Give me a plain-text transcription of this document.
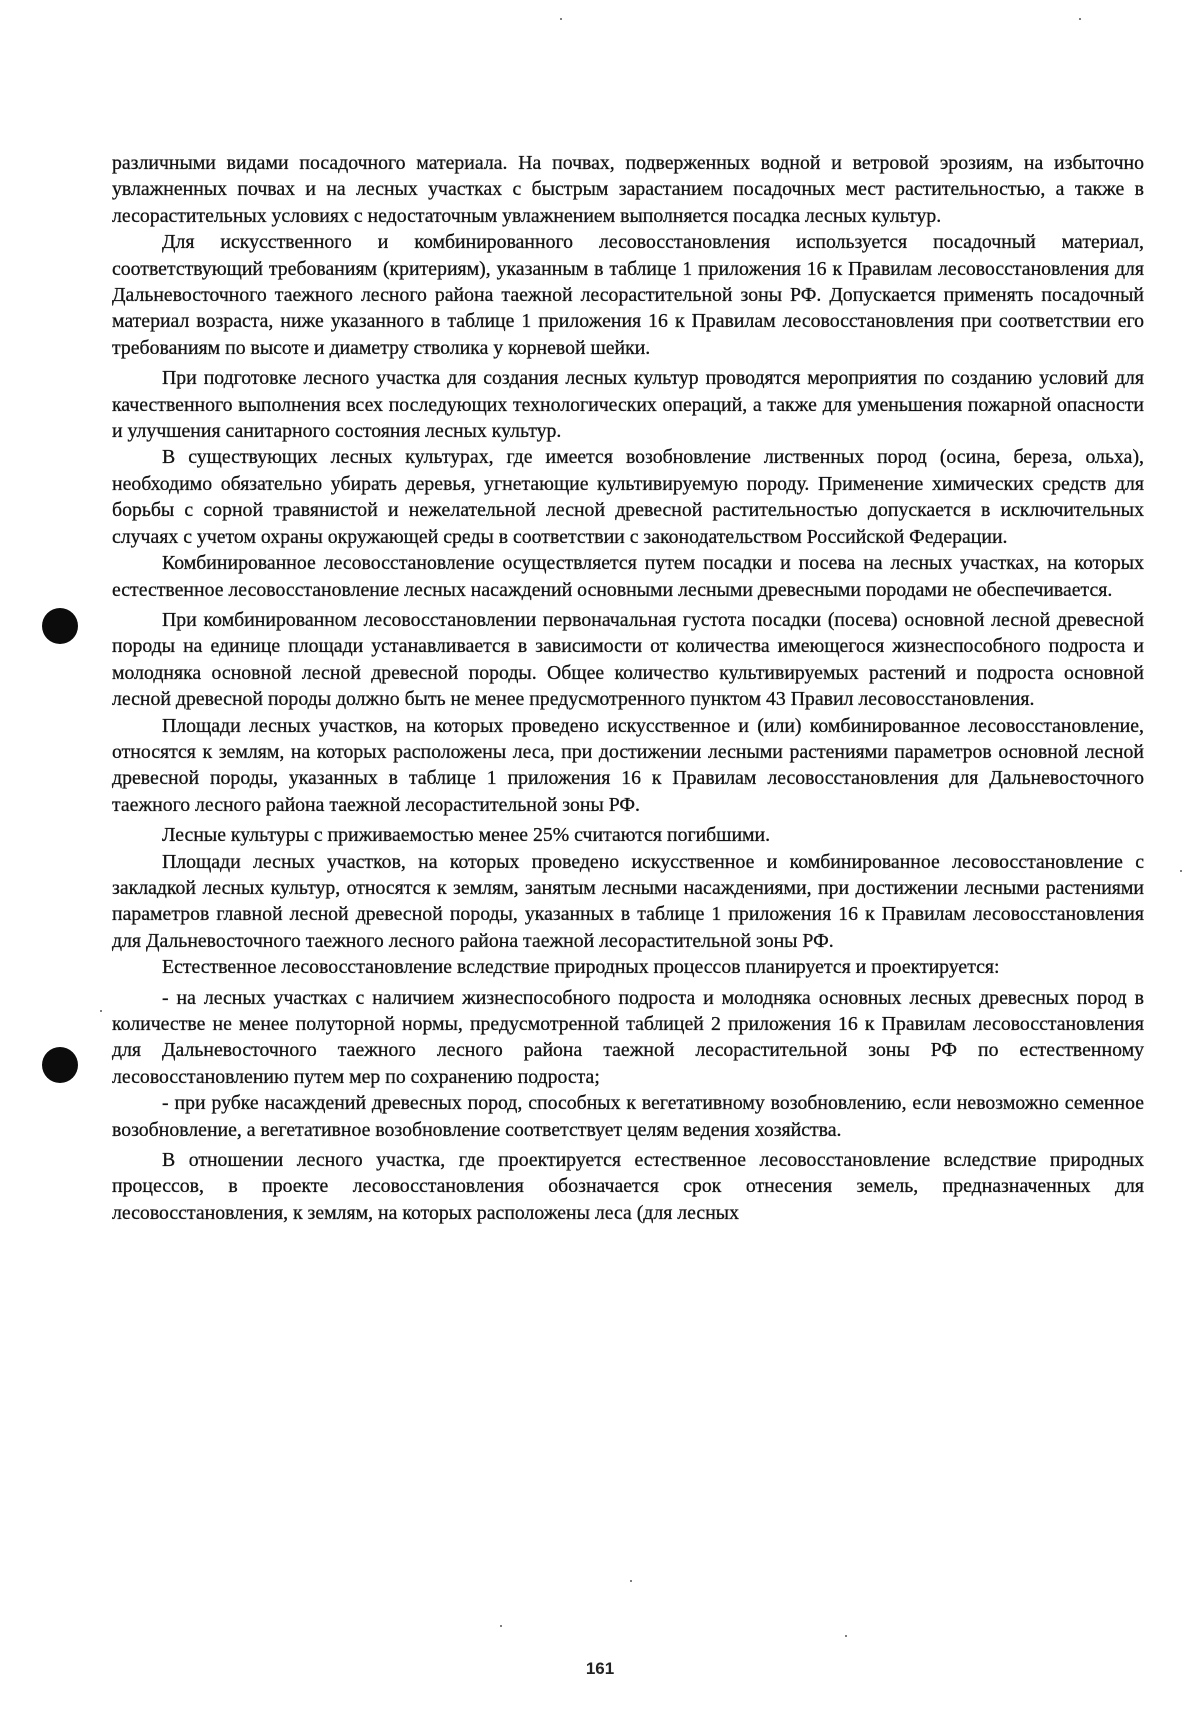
различными видами посадочного материала. На почвах, подверженных водной и ветровой эрозиям, на избыточно увлажненных почвах и на лесных участках с быстрым зарастанием посадочных мест растительностью, а также в лесорастительных условиях с недостаточным увлажнением выполняется посадка лесных культур.

Для искусственного и комбинированного лесовосстановления используется посадочный материал, соответствующий требованиям (критериям), указанным в таблице 1 приложения 16 к Правилам лесовосстановления для Дальневосточного таежного лесного района таежной лесорастительной зоны РФ. Допускается применять посадочный материал возраста, ниже указанного в таблице 1 приложения 16 к Правилам лесовосстановления при соответствии его требованиям по высоте и диаметру стволика у корневой шейки.

При подготовке лесного участка для создания лесных культур проводятся мероприятия по созданию условий для качественного выполнения всех последующих технологических операций, а также для уменьшения пожарной опасности и улучшения санитарного состояния лесных культур.

В существующих лесных культурах, где имеется возобновление лиственных пород (осина, береза, ольха), необходимо обязательно убирать деревья, угнетающие культивируемую породу. Применение химических средств для борьбы с сорной травянистой и нежелательной лесной древесной растительностью допускается в исключительных случаях с учетом охраны окружающей среды в соответствии с законодательством Российской Федерации.

Комбинированное лесовосстановление осуществляется путем посадки и посева на лесных участках, на которых естественное лесовосстановление лесных насаждений основными лесными древесными породами не обеспечивается.

При комбинированном лесовосстановлении первоначальная густота посадки (посева) основной лесной древесной породы на единице площади устанавливается в зависимости от количества имеющегося жизнеспособного подроста и молодняка основной лесной древесной породы. Общее количество культивируемых растений и подроста основной лесной древесной породы должно быть не менее предусмотренного пунктом 43 Правил лесовосстановления.

Площади лесных участков, на которых проведено искусственное и (или) комбинированное лесовосстановление, относятся к землям, на которых расположены леса, при достижении лесными растениями параметров основной лесной древесной породы, указанных в таблице 1 приложения 16 к Правилам лесовосстановления для Дальневосточного таежного лесного района таежной лесорастительной зоны РФ.

Лесные культуры с приживаемостью менее 25% считаются погибшими.

Площади лесных участков, на которых проведено искусственное и комбинированное лесовосстановление с закладкой лесных культур, относятся к землям, занятым лесными насаждениями, при достижении лесными растениями параметров главной лесной древесной породы, указанных в таблице 1 приложения 16 к Правилам лесовосстановления для Дальневосточного таежного лесного района таежной лесорастительной зоны РФ.

Естественное лесовосстановление вследствие природных процессов планируется и проектируется:

- на лесных участках с наличием жизнеспособного подроста и молодняка основных лесных древесных пород в количестве не менее полуторной нормы, предусмотренной таблицей 2 приложения 16 к Правилам лесовосстановления для Дальневосточного таежного лесного района таежной лесорастительной зоны РФ по естественному лесовосстановлению путем мер по сохранению подроста;

- при рубке насаждений древесных пород, способных к вегетативному возобновлению, если невозможно семенное возобновление, а вегетативное возобновление соответствует целям ведения хозяйства.

В отношении лесного участка, где проектируется естественное лесовосстановление вследствие природных процессов, в проекте лесовосстановления обозначается срок отнесения земель, предназначенных для лесовосстановления, к землям, на которых расположены леса (для лесных

161
